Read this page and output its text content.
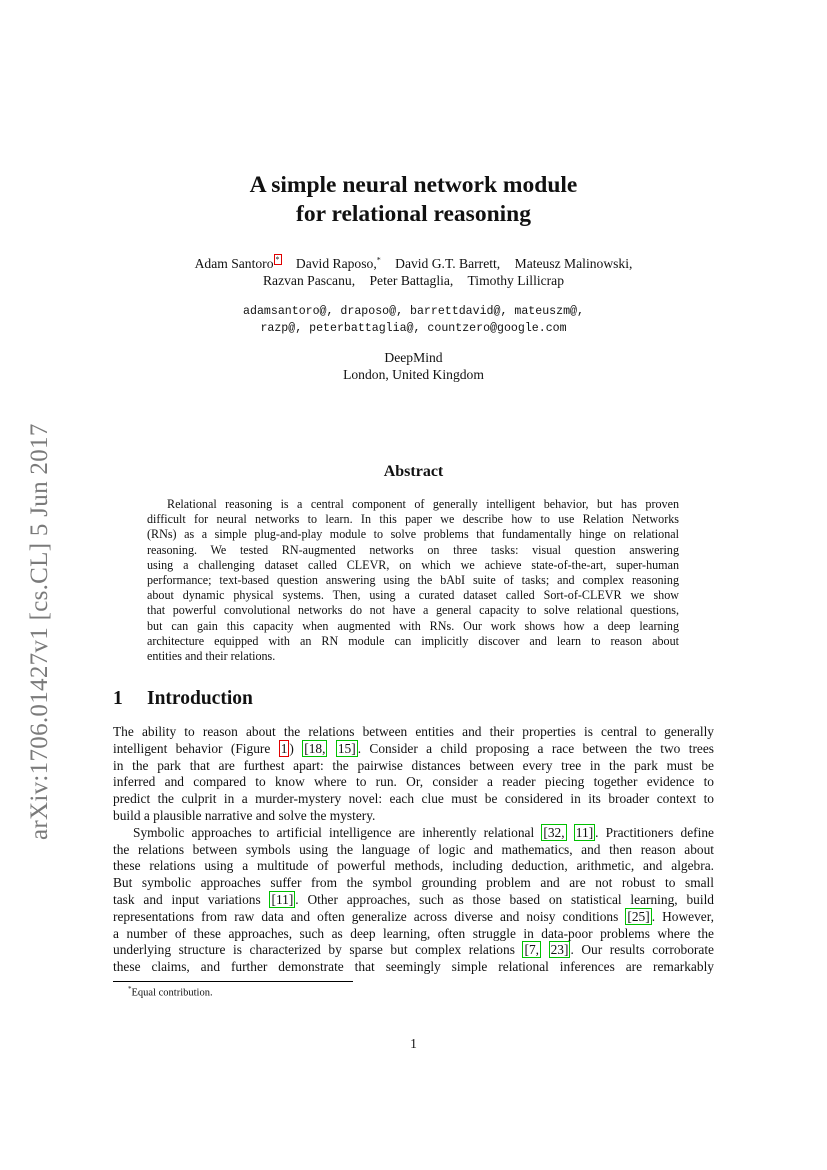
arXiv:1706.01427v1 [cs.CL] 5 Jun 2017
A simple neural network module
for relational reasoning
Adam Santoro * David Raposo,* David G.T. Barrett, Mateusz Malinowski,
Razvan Pascanu, Peter Battaglia, Timothy Lillicrap
adamsantoro@, draposo@, barrettdavid@, mateuszm@,
razp@, peterbattaglia@, countzero@google.com
DeepMind
London, United Kingdom
Abstract
Relational reasoning is a central component of generally intelligent behavior, but has proven
difficult for neural networks to learn. In this paper we describe how to use Relation Networks
(RNs) as a simple plug-and-play module to solve problems that fundamentally hinge on relational
reasoning. We tested RN-augmented networks on three tasks: visual question answering
using a challenging dataset called CLEVR, on which we achieve state-of-the-art, super-human
performance; text-based question answering using the bAbI suite of tasks; and complex reasoning
about dynamic physical systems. Then, using a curated dataset called Sort-of-CLEVR we show
that powerful convolutional networks do not have a general capacity to solve relational questions,
but can gain this capacity when augmented with RNs. Our work shows how a deep learning
architecture equipped with an RN module can implicitly discover and learn to reason about
entities and their relations.
1 Introduction
The ability to reason about the relations between entities and their properties is central to generally
intelligent behavior (Figure 1 ) [18, 15] . Consider a child proposing a race between the two trees
in the park that are furthest apart: the pairwise distances between every tree in the park must be
inferred and compared to know where to run. Or, consider a reader piecing together evidence to
predict the culprit in a murder-mystery novel: each clue must be considered in its broader context to
build a plausible narrative and solve the mystery.
Symbolic approaches to artificial intelligence are inherently relational [32, 11] . Practitioners define
the relations between symbols using the language of logic and mathematics, and then reason about
these relations using a multitude of powerful methods, including deduction, arithmetic, and algebra.
But symbolic approaches suffer from the symbol grounding problem and are not robust to small
task and input variations [11] . Other approaches, such as those based on statistical learning, build
representations from raw data and often generalize across diverse and noisy conditions [25] . However,
a number of these approaches, such as deep learning, often struggle in data-poor problems where the
underlying structure is characterized by sparse but complex relations [7, 23] . Our results corroborate
these claims, and further demonstrate that seemingly simple relational inferences are remarkably
*Equal contribution.
1
